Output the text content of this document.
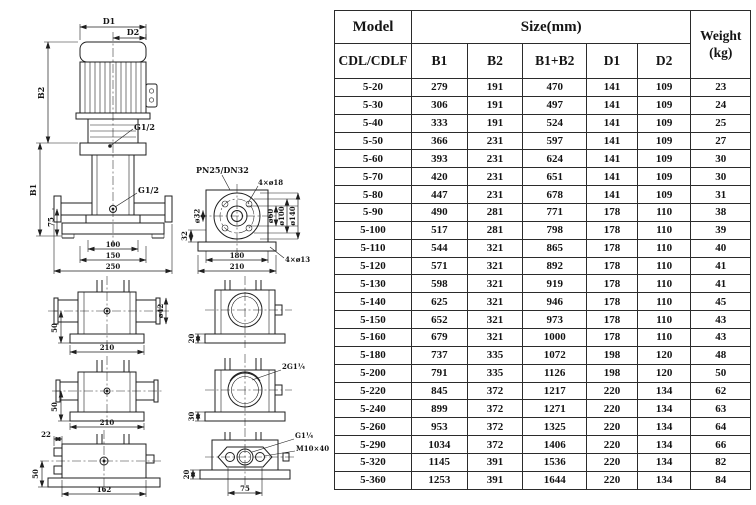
D1
D2
B2
B1
75
G1/2
G1/2
100
150
250
PN25/DN32
4×ø18
ø60 ø100 ø140
ø32
32
180
210
4×ø13
ø42
50
210
50
210
22
50
162
20
2G1¼
30
G1¼
M10×40
20
75
Model	Size(mm)					Weight
(kg)

CDL/CDLF	B1	B2	B1+B2	D1	D2	
5-20	279	191	470	141	109	23
5-30	306	191	497	141	109	24
5-40	333	191	524	141	109	25
5-50	366	231	597	141	109	27
5-60	393	231	624	141	109	30
5-70	420	231	651	141	109	30
5-80	447	231	678	141	109	31
5-90	490	281	771	178	110	38
5-100	517	281	798	178	110	39
5-110	544	321	865	178	110	40
5-120	571	321	892	178	110	41
5-130	598	321	919	178	110	41
5-140	625	321	946	178	110	45
5-150	652	321	973	178	110	43
5-160	679	321	1000	178	110	43
5-180	737	335	1072	198	120	48
5-200	791	335	1126	198	120	50
5-220	845	372	1217	220	134	62
5-240	899	372	1271	220	134	63
5-260	953	372	1325	220	134	64
5-290	1034	372	1406	220	134	66
5-320	1145	391	1536	220	134	82
5-360	1253	391	1644	220	134	84
